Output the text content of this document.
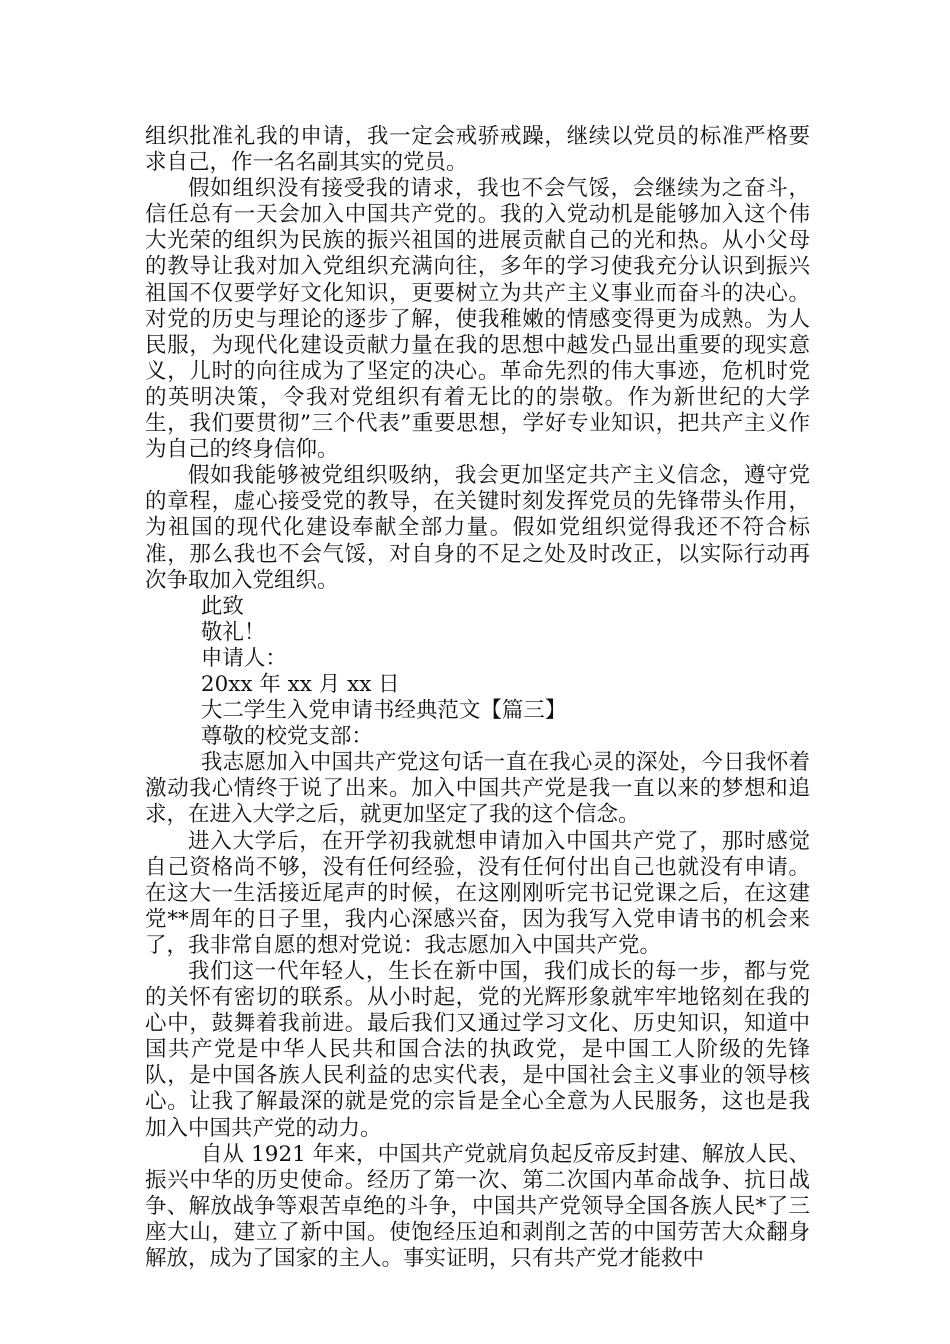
组织批准礼我的申请，我一定会戒骄戒躁，继续以党员的标准严格要求自己，作一名名副其实的党员。

假如组织没有接受我的请求，我也不会气馁，会继续为之奋斗，信任总有一天会加入中国共产党的。我的入党动机是能够加入这个伟大光荣的组织为民族的振兴祖国的进展贡献自己的光和热。从小父母的教导让我对加入党组织充满向往，多年的学习使我充分认识到振兴祖国不仅要学好文化知识，更要树立为共产主义事业而奋斗的决心。对党的历史与理论的逐步了解，使我稚嫩的情感变得更为成熟。为人民服，为现代化建设贡献力量在我的思想中越发凸显出重要的现实意义，儿时的向往成为了坚定的决心。革命先烈的伟大事迹，危机时党的英明决策，令我对党组织有着无比的的崇敬。作为新世纪的大学生，我们要贯彻”三个代表”重要思想，学好专业知识，把共产主义作为自己的终身信仰。

假如我能够被党组织吸纳，我会更加坚定共产主义信念，遵守党的章程，虚心接受党的教导，在关键时刻发挥党员的先锋带头作用，为祖国的现代化建设奉献全部力量。假如党组织觉得我还不符合标准，那么我也不会气馁，对自身的不足之处及时改正，以实际行动再次争取加入党组织。

此致

敬礼！

申请人：

20xx 年 xx 月 xx 日

大二学生入党申请书经典范文【篇三】

尊敬的校党支部：

我志愿加入中国共产党这句话一直在我心灵的深处，今日我怀着激动我心情终于说了出来。加入中国共产党是我一直以来的梦想和追求，在进入大学之后，就更加坚定了我的这个信念。

进入大学后，在开学初我就想申请加入中国共产党了，那时感觉自己资格尚不够，没有任何经验，没有任何付出自己也就没有申请。在这大一生活接近尾声的时候，在这刚刚听完书记党课之后，在这建党**周年的日子里，我内心深感兴奋，因为我写入党申请书的机会来了，我非常自愿的想对党说：我志愿加入中国共产党。

我们这一代年轻人，生长在新中国，我们成长的每一步，都与党的关怀有密切的联系。从小时起，党的光辉形象就牢牢地铭刻在我的心中，鼓舞着我前进。最后我们又通过学习文化、历史知识，知道中国共产党是中华人民共和国合法的执政党，是中国工人阶级的先锋队，是中国各族人民利益的忠实代表，是中国社会主义事业的领导核心。让我了解最深的就是党的宗旨是全心全意为人民服务，这也是我加入中国共产党的动力。

自从 1921 年来，中国共产党就肩负起反帝反封建、解放人民、振兴中华的历史使命。经历了第一次、第二次国内革命战争、抗日战争、解放战争等艰苦卓绝的斗争，中国共产党领导全国各族人民*了三座大山，建立了新中国。使饱经压迫和剥削之苦的中国劳苦大众翻身解放，成为了国家的主人。事实证明，只有共产党才能救中
